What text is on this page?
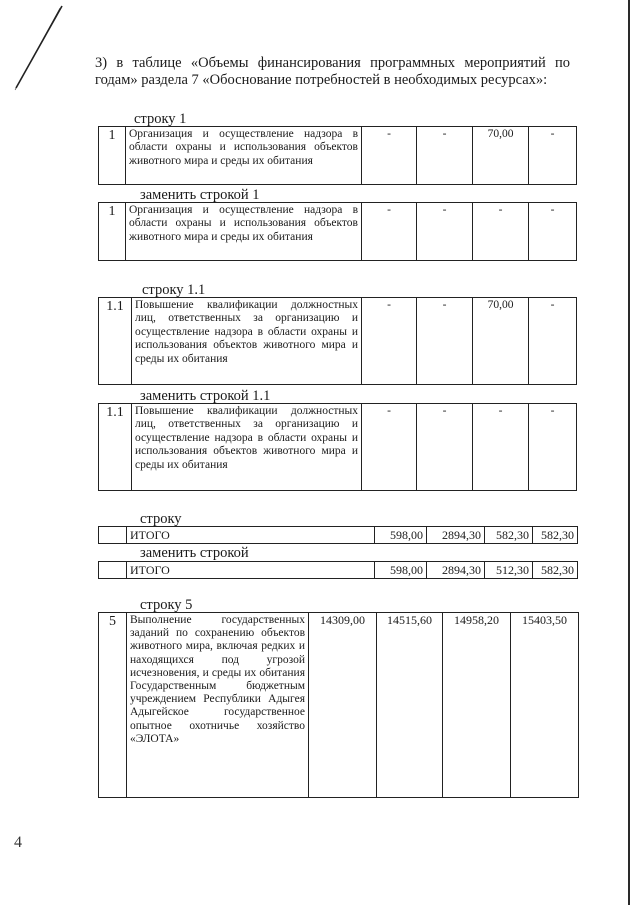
3) в таблице «Объемы финансирования программных мероприятий по годам» раздела 7 «Обоснование потребностей в необходимых ресурсах»:
строку 1
1	Организация и осуществление надзора в области охраны и использования объектов животного мира и среды их обитания	-	-	70,00	-
заменить строкой 1
1	Организация и осуществление надзора в области охраны и использования объектов животного мира и среды их обитания	-	-	-	-
строку 1.1
1.1	Повышение квалификации должностных лиц, ответственных за организацию и осуществление надзора в области охраны и использования объектов животного мира и среды их обитания	-	-	70,00	-
заменить строкой 1.1
1.1	Повышение квалификации должностных лиц, ответственных за организацию и осуществление надзора в области охраны и использования объектов животного мира и среды их обитания	-	-	-	-
строку
	ИТОГО	598,00	2894,30	582,30	582,30
заменить строкой
	ИТОГО	598,00	2894,30	512,30	582,30
строку 5
5	Выполнение государственных заданий по сохранению объектов животного мира, включая редких и находящихся под угрозой исчезновения, и среды их обитания Государственным бюджетным учреждением Республики Адыгея Адыгейское государственное опытное охотничье хозяйство «ЭЛОТА»	14309,00	14515,60	14958,20	15403,50
4
